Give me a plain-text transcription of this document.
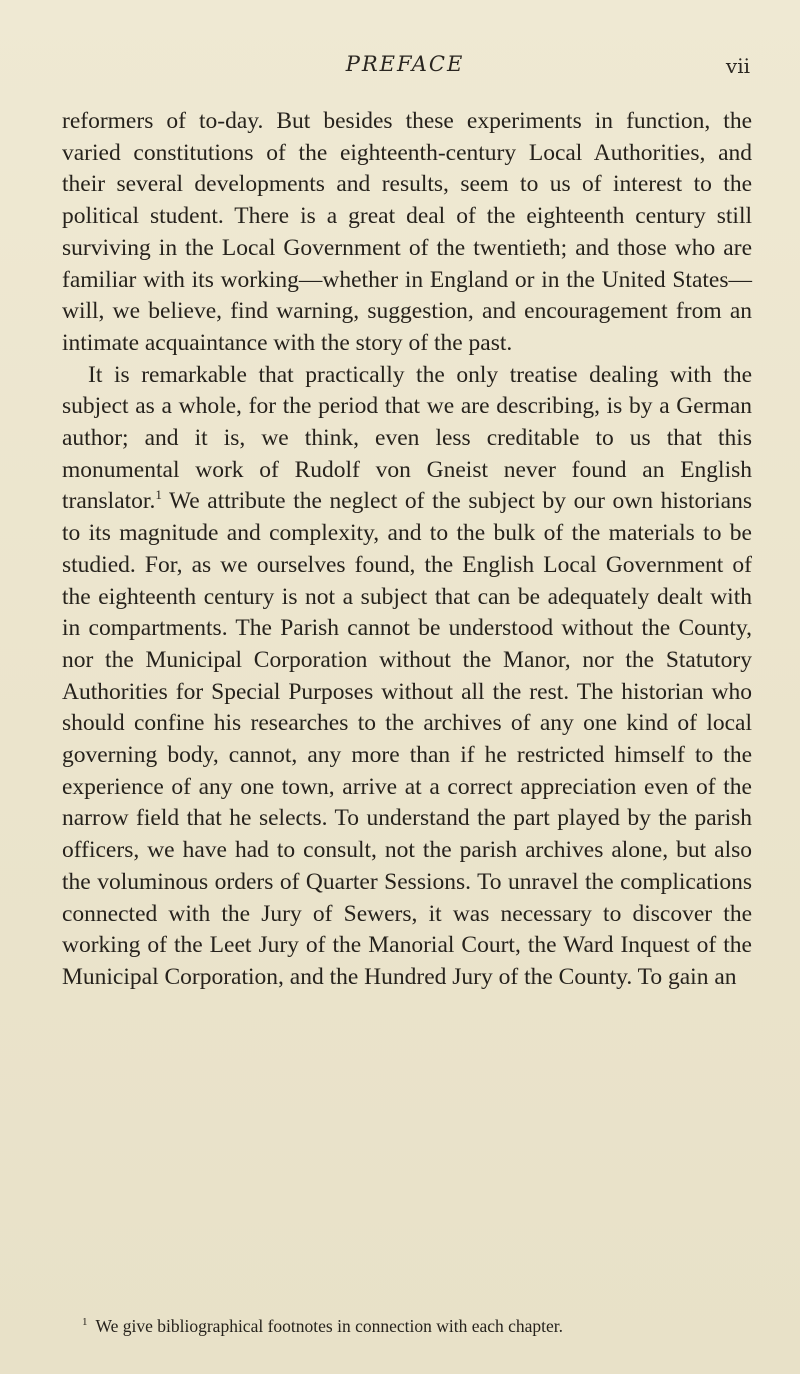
PREFACE	vii

reformers of to-day. But besides these experiments in function, the varied constitutions of the eighteenth-century Local Authorities, and their several developments and results, seem to us of interest to the political student. There is a great deal of the eighteenth century still surviving in the Local Government of the twentieth; and those who are familiar with its working—whether in England or in the United States—will, we believe, find warning, suggestion, and encouragement from an intimate acquaintance with the story of the past.

It is remarkable that practically the only treatise dealing with the subject as a whole, for the period that we are describing, is by a German author; and it is, we think, even less creditable to us that this monumental work of Rudolf von Gneist never found an English translator.$^1$ We attribute the neglect of the subject by our own historians to its magnitude and complexity, and to the bulk of the materials to be studied. For, as we ourselves found, the English Local Government of the eighteenth century is not a subject that can be adequately dealt with in compartments. The Parish cannot be understood without the County, nor the Municipal Corporation without the Manor, nor the Statutory Authorities for Special Purposes without all the rest. The historian who should confine his researches to the archives of any one kind of local governing body, cannot, any more than if he restricted himself to the experience of any one town, arrive at a correct appreciation even of the narrow field that he selects. To understand the part played by the parish officers, we have had to consult, not the parish archives alone, but also the voluminous orders of Quarter Sessions. To unravel the complications connected with the Jury of Sewers, it was necessary to discover the working of the Leet Jury of the Manorial Court, the Ward Inquest of the Municipal Corporation, and the Hundred Jury of the County. To gain an

$^1$ We give bibliographical footnotes in connection with each chapter.
